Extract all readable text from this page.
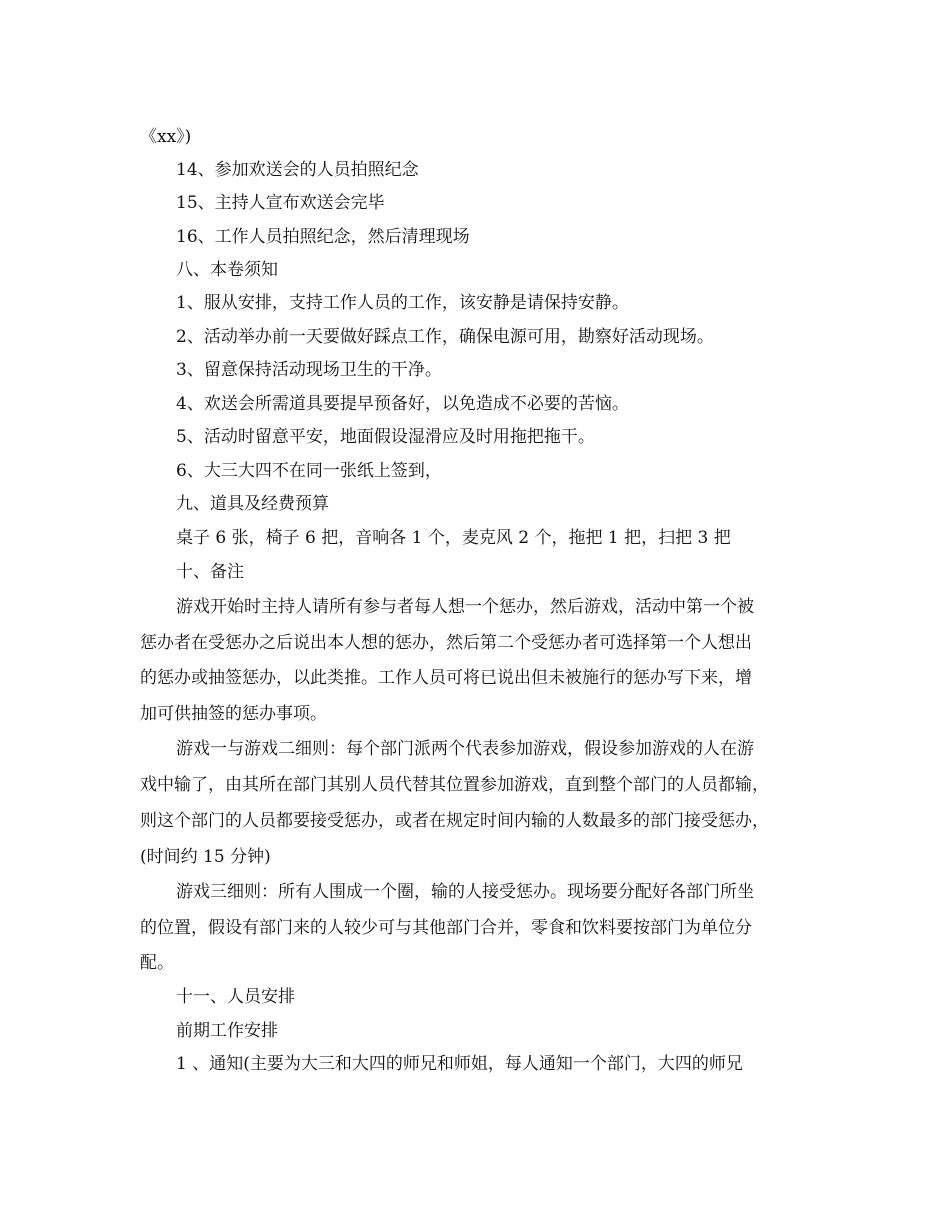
《xx》)
14、参加欢送会的人员拍照纪念
15、主持人宣布欢送会完毕
16、工作人员拍照纪念，然后清理现场
八、本卷须知
1、服从安排，支持工作人员的工作，该安静是请保持安静。
2、活动举办前一天要做好踩点工作，确保电源可用，勘察好活动现场。
3、留意保持活动现场卫生的干净。
4、欢送会所需道具要提早预备好，以免造成不必要的苦恼。
5、活动时留意平安，地面假设湿滑应及时用拖把拖干。
6、大三大四不在同一张纸上签到，
九、道具及经费预算
桌子 6 张，椅子 6 把，音响各 1 个，麦克风 2 个，拖把 1 把，扫把 3 把
十、备注
游戏开始时主持人请所有参与者每人想一个惩办，然后游戏，活动中第一个被
惩办者在受惩办之后说出本人想的惩办，然后第二个受惩办者可选择第一个人想出
的惩办或抽签惩办，以此类推。工作人员可将已说出但未被施行的惩办写下来，增
加可供抽签的惩办事项。
游戏一与游戏二细则：每个部门派两个代表参加游戏，假设参加游戏的人在游
戏中输了，由其所在部门其别人员代替其位置参加游戏，直到整个部门的人员都输，
则这个部门的人员都要接受惩办，或者在规定时间内输的人数最多的部门接受惩办，
(时间约 15 分钟)
游戏三细则：所有人围成一个圈，输的人接受惩办。现场要分配好各部门所坐
的位置，假设有部门来的人较少可与其他部门合并，零食和饮料要按部门为单位分
配。
十一、人员安排
前期工作安排
1 、通知(主要为大三和大四的师兄和师姐，每人通知一个部门，大四的师兄
